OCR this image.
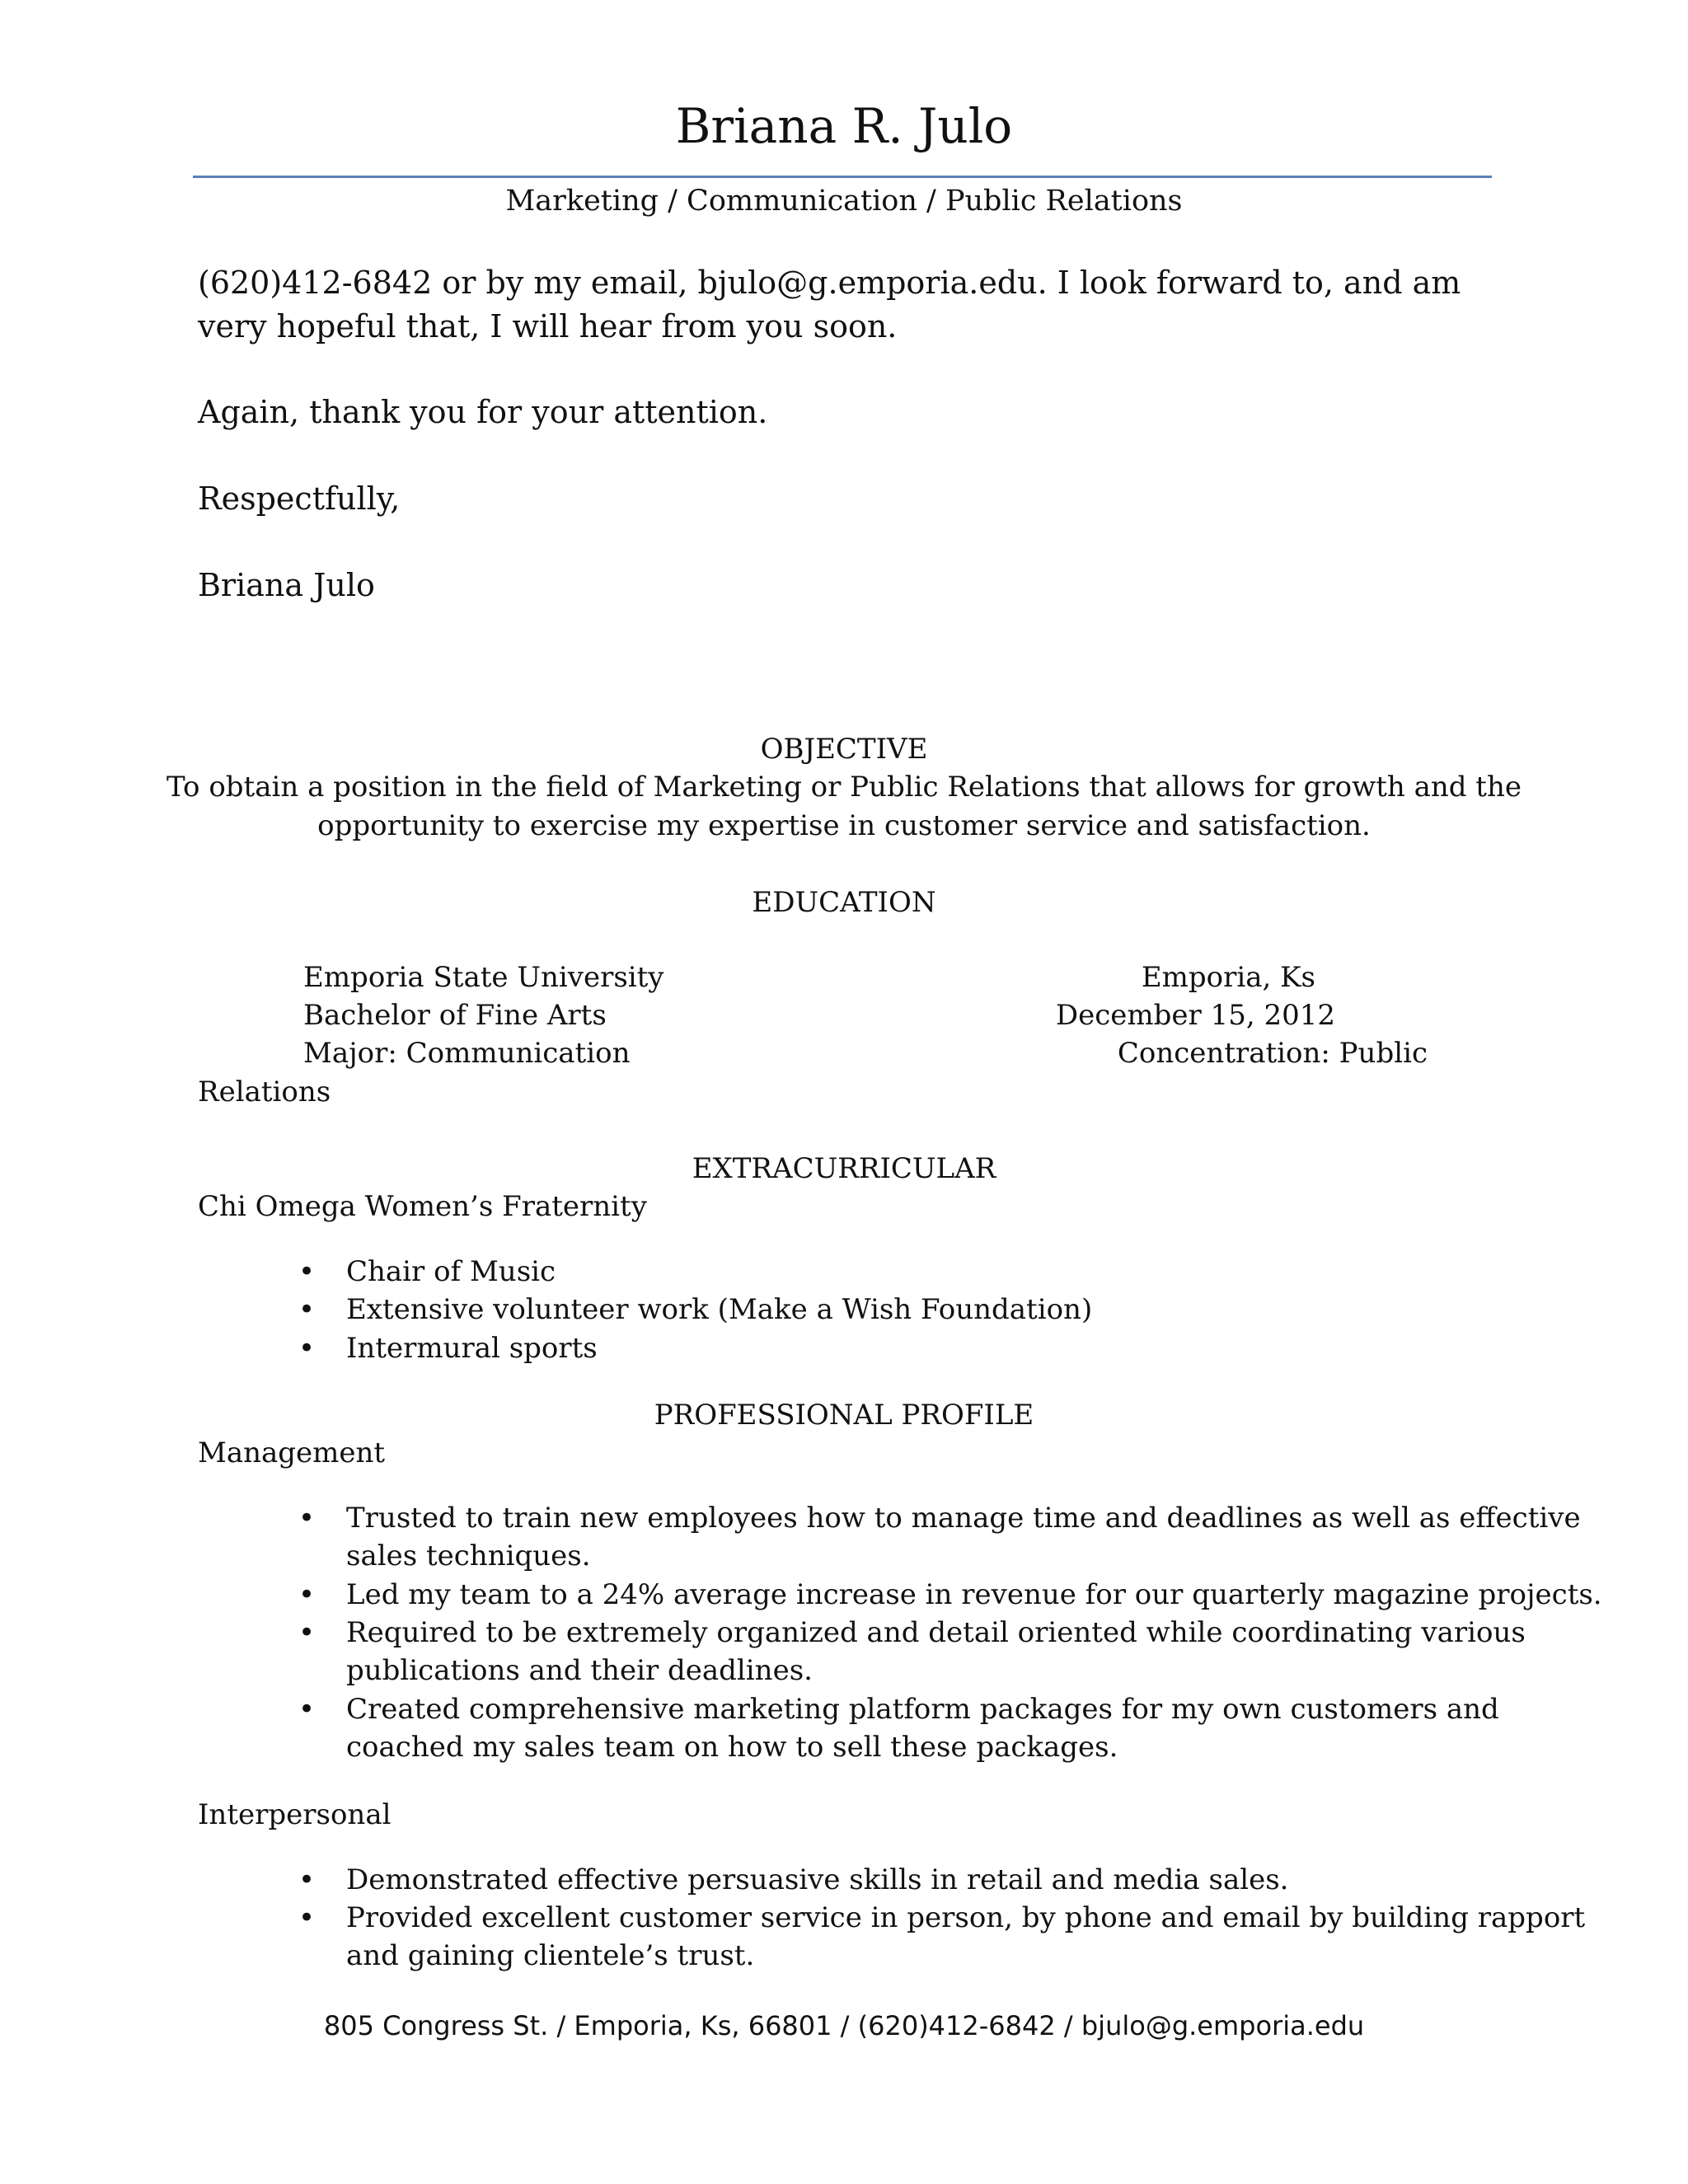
Briana R. Julo
Marketing / Communication / Public Relations
(620)412-6842 or by my email, bjulo@g.emporia.edu. I look forward to, and am very hopeful that, I will hear from you soon.
Again, thank you for your attention.
Respectfully,
Briana Julo
OBJECTIVE
To obtain a position in the field of Marketing or Public Relations that allows for growth and the
opportunity to exercise my expertise in customer service and satisfaction.
EDUCATION
Emporia State University	Emporia, Ks
Bachelor of Fine Arts	December 15, 2012
Major: Communication	Concentration: Public
Relations
EXTRACURRICULAR
Chi Omega Women’s Fraternity
• Chair of Music
• Extensive volunteer work (Make a Wish Foundation)
• Intermural sports
PROFESSIONAL PROFILE
Management
• Trusted to train new employees how to manage time and deadlines as well as effective
sales techniques.
• Led my team to a 24% average increase in revenue for our quarterly magazine projects.
• Required to be extremely organized and detail oriented while coordinating various
publications and their deadlines.
• Created comprehensive marketing platform packages for my own customers and
coached my sales team on how to sell these packages.
Interpersonal
• Demonstrated effective persuasive skills in retail and media sales.
• Provided excellent customer service in person, by phone and email by building rapport
and gaining clientele’s trust.
805 Congress St. / Emporia, Ks, 66801 / (620)412-6842 / bjulo@g.emporia.edu
